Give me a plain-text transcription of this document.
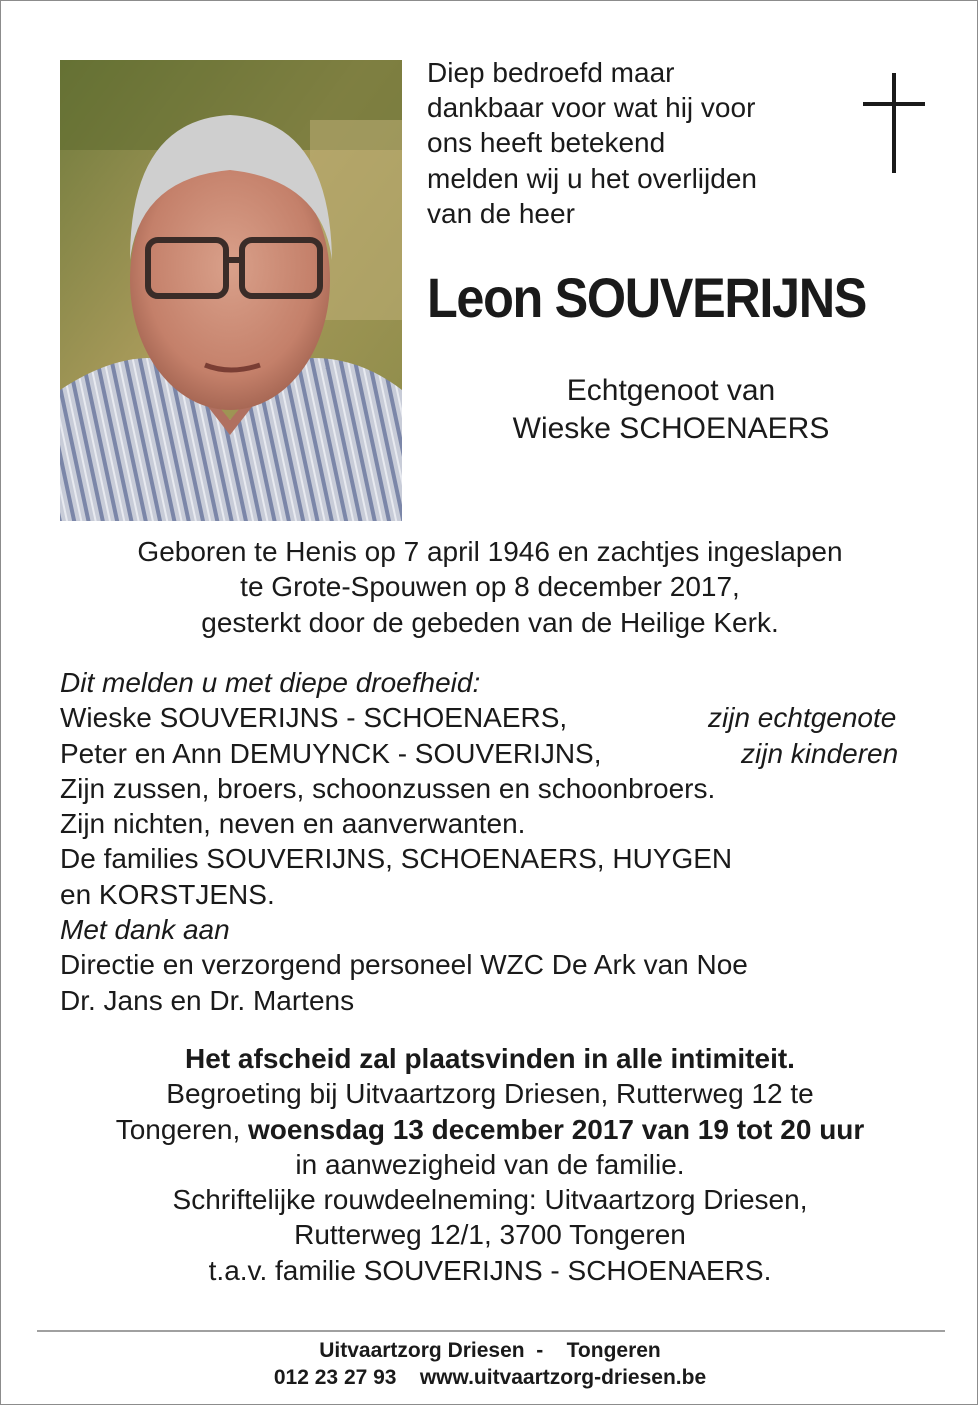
Diep bedroefd maar
dankbaar voor wat hij voor
ons heeft betekend
melden wij u het overlijden
van de heer
Leon SOUVERIJNS
Echtgenoot van
Wieske SCHOENAERS
Geboren te Henis op 7 april 1946 en zachtjes ingeslapen
te Grote-Spouwen op 8 december 2017,
gesterkt door de gebeden van de Heilige Kerk.
Dit melden u met diepe droefheid:
Wieske SOUVERIJNS - SCHOENAERS,	zijn echtgenote
Peter en Ann DEMUYNCK - SOUVERIJNS,	zijn kinderen
Zijn zussen, broers, schoonzussen en schoonbroers.
Zijn nichten, neven en aanverwanten.
De families SOUVERIJNS, SCHOENAERS, HUYGEN
en KORSTJENS.
Met dank aan
Directie en verzorgend personeel WZC De Ark van Noe
Dr. Jans en Dr. Martens
Het afscheid zal plaatsvinden in alle intimiteit.
Begroeting bij Uitvaartzorg Driesen, Rutterweg 12 te
Tongeren, woensdag 13 december 2017 van 19 tot 20 uur
in aanwezigheid van de familie.
Schriftelijke rouwdeelneming: Uitvaartzorg Driesen,
Rutterweg 12/1, 3700 Tongeren
t.a.v. familie SOUVERIJNS - SCHOENAERS.
Uitvaartzorg Driesen - Tongeren
012 23 27 93 www.uitvaartzorg-driesen.be
